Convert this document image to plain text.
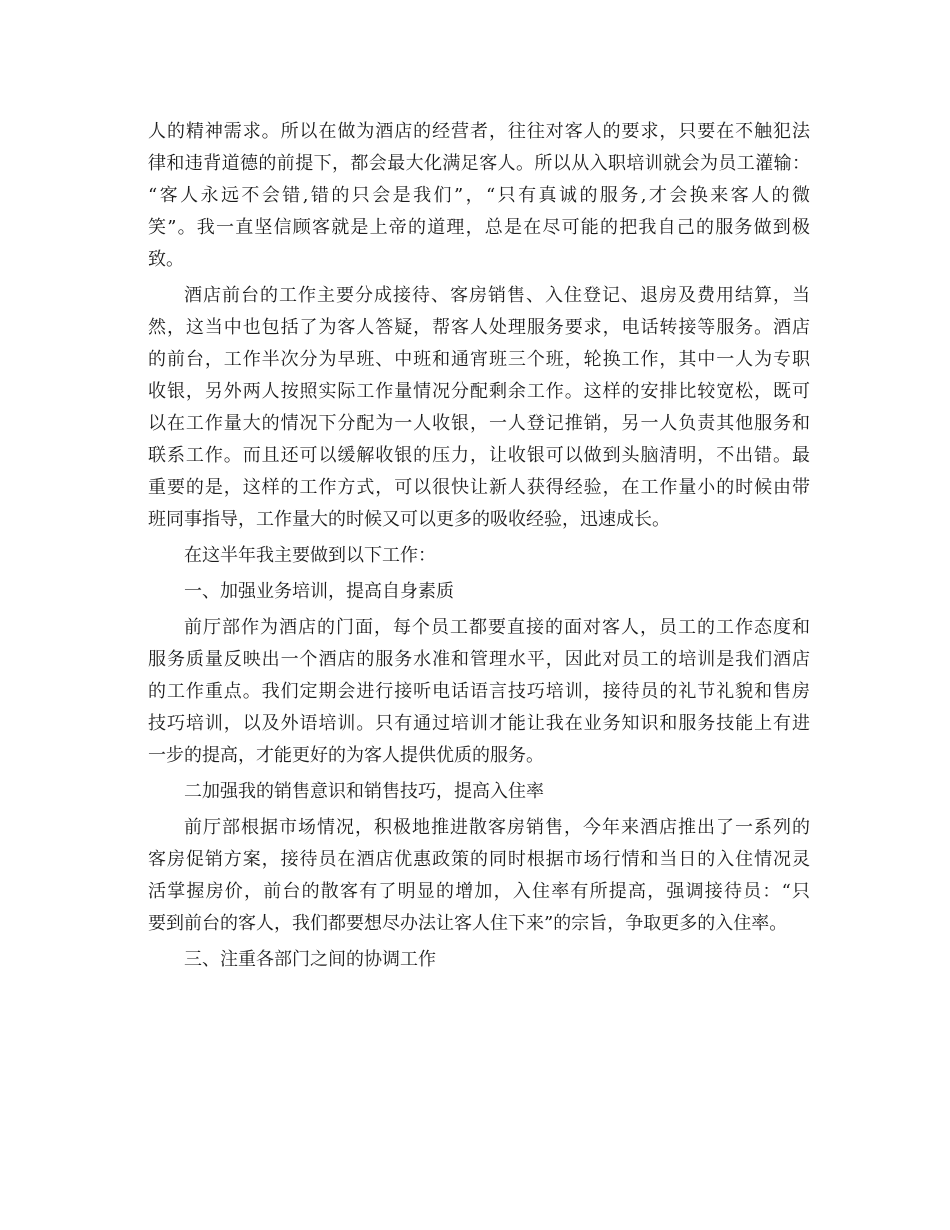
人的精神需求。所以在做为酒店的经营者，往往对客人的要求，只要在不触犯法
律和违背道德的前提下，都会最大化满足客人。所以从入职培训就会为员工灌输：
“客人永远不会错,错的只会是我们”，“只有真诚的服务,才会换来客人的微
笑”。我一直坚信顾客就是上帝的道理，总是在尽可能的把我自己的服务做到极
致。
酒店前台的工作主要分成接待、客房销售、入住登记、退房及费用结算，当
然，这当中也包括了为客人答疑，帮客人处理服务要求，电话转接等服务。酒店
的前台，工作半次分为早班、中班和通宵班三个班，轮换工作，其中一人为专职
收银，另外两人按照实际工作量情况分配剩余工作。这样的安排比较宽松，既可
以在工作量大的情况下分配为一人收银，一人登记推销，另一人负责其他服务和
联系工作。而且还可以缓解收银的压力，让收银可以做到头脑清明，不出错。最
重要的是，这样的工作方式，可以很快让新人获得经验，在工作量小的时候由带
班同事指导，工作量大的时候又可以更多的吸收经验，迅速成长。
在这半年我主要做到以下工作：
一、加强业务培训，提高自身素质
前厅部作为酒店的门面，每个员工都要直接的面对客人，员工的工作态度和
服务质量反映出一个酒店的服务水准和管理水平，因此对员工的培训是我们酒店
的工作重点。我们定期会进行接听电话语言技巧培训，接待员的礼节礼貌和售房
技巧培训，以及外语培训。只有通过培训才能让我在业务知识和服务技能上有进
一步的提高，才能更好的为客人提供优质的服务。
二加强我的销售意识和销售技巧，提高入住率
前厅部根据市场情况，积极地推进散客房销售，今年来酒店推出了一系列的
客房促销方案，接待员在酒店优惠政策的同时根据市场行情和当日的入住情况灵
活掌握房价，前台的散客有了明显的增加，入住率有所提高，强调接待员：“只
要到前台的客人，我们都要想尽办法让客人住下来”的宗旨，争取更多的入住率。
三、注重各部门之间的协调工作
